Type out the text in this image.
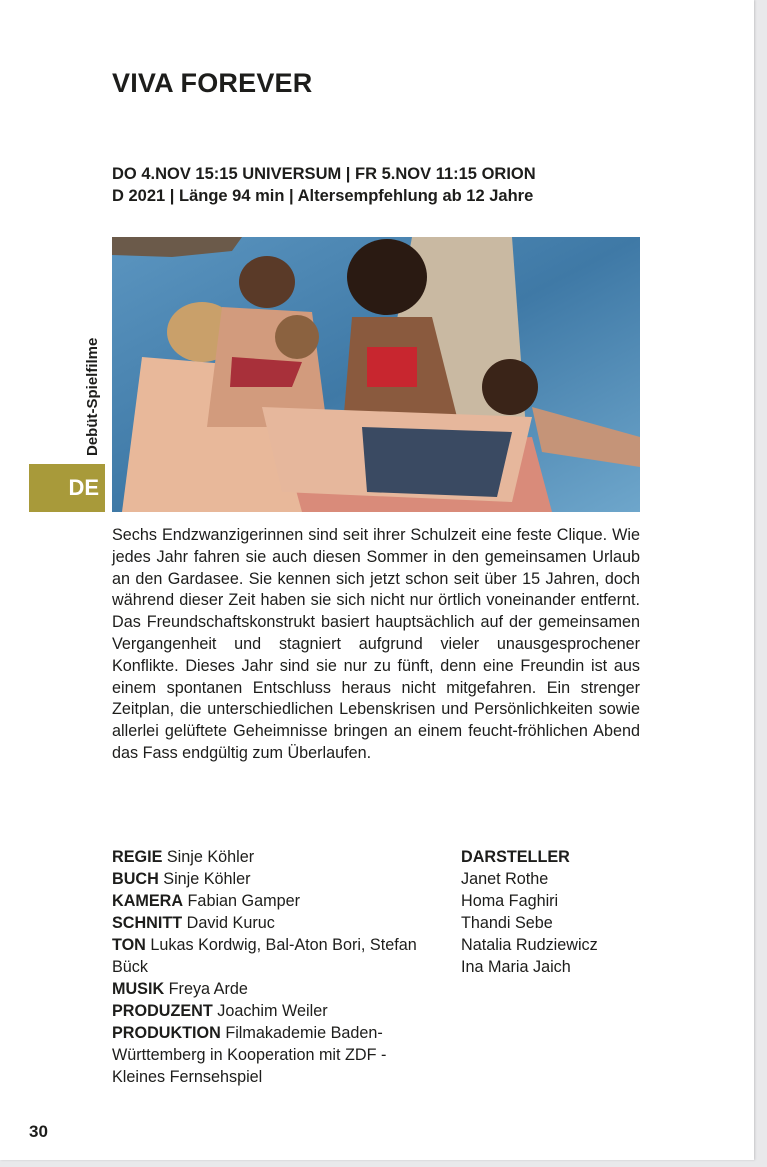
VIVA FOREVER
DO 4.NOV 15:15 UNIVERSUM | FR 5.NOV 11:15 ORION
D 2021 | Länge 94 min | Altersempfehlung ab 12 Jahre
Debüt-Spielfilme
DE

Sechs Endzwanzigerinnen sind seit ihrer Schulzeit eine feste Clique. Wie jedes Jahr fahren sie auch diesen Sommer in den gemeinsamen Urlaub an den Gardasee. Sie kennen sich jetzt schon seit über 15 Jahren, doch während dieser Zeit haben sie sich nicht nur örtlich voneinander entfernt. Das Freundschaftskonstrukt basiert hauptsächlich auf der gemeinsamen Vergangenheit und stagniert aufgrund vieler unausgesprochener Konflikte. Dieses Jahr sind sie nur zu fünft, denn eine Freundin ist aus einem spontanen Entschluss heraus nicht mitgefahren. Ein strenger Zeitplan, die unterschiedlichen Lebenskrisen und Persönlichkeiten sowie allerlei gelüftete Geheimnisse bringen an einem feucht-fröhlichen Abend das Fass endgültig zum Überlaufen.

REGIE Sinje Köhler
BUCH Sinje Köhler
KAMERA Fabian Gamper
SCHNITT David Kuruc
TON Lukas Kordwig, Bal-Aton Bori, Stefan Bück
MUSIK Freya Arde
PRODUZENT Joachim Weiler
PRODUKTION Filmakademie Baden-Württemberg in Kooperation mit ZDF - Kleines Fernsehspiel
DARSTELLER
Janet Rothe
Homa Faghiri
Thandi Sebe
Natalia Rudziewicz
Ina Maria Jaich
30
